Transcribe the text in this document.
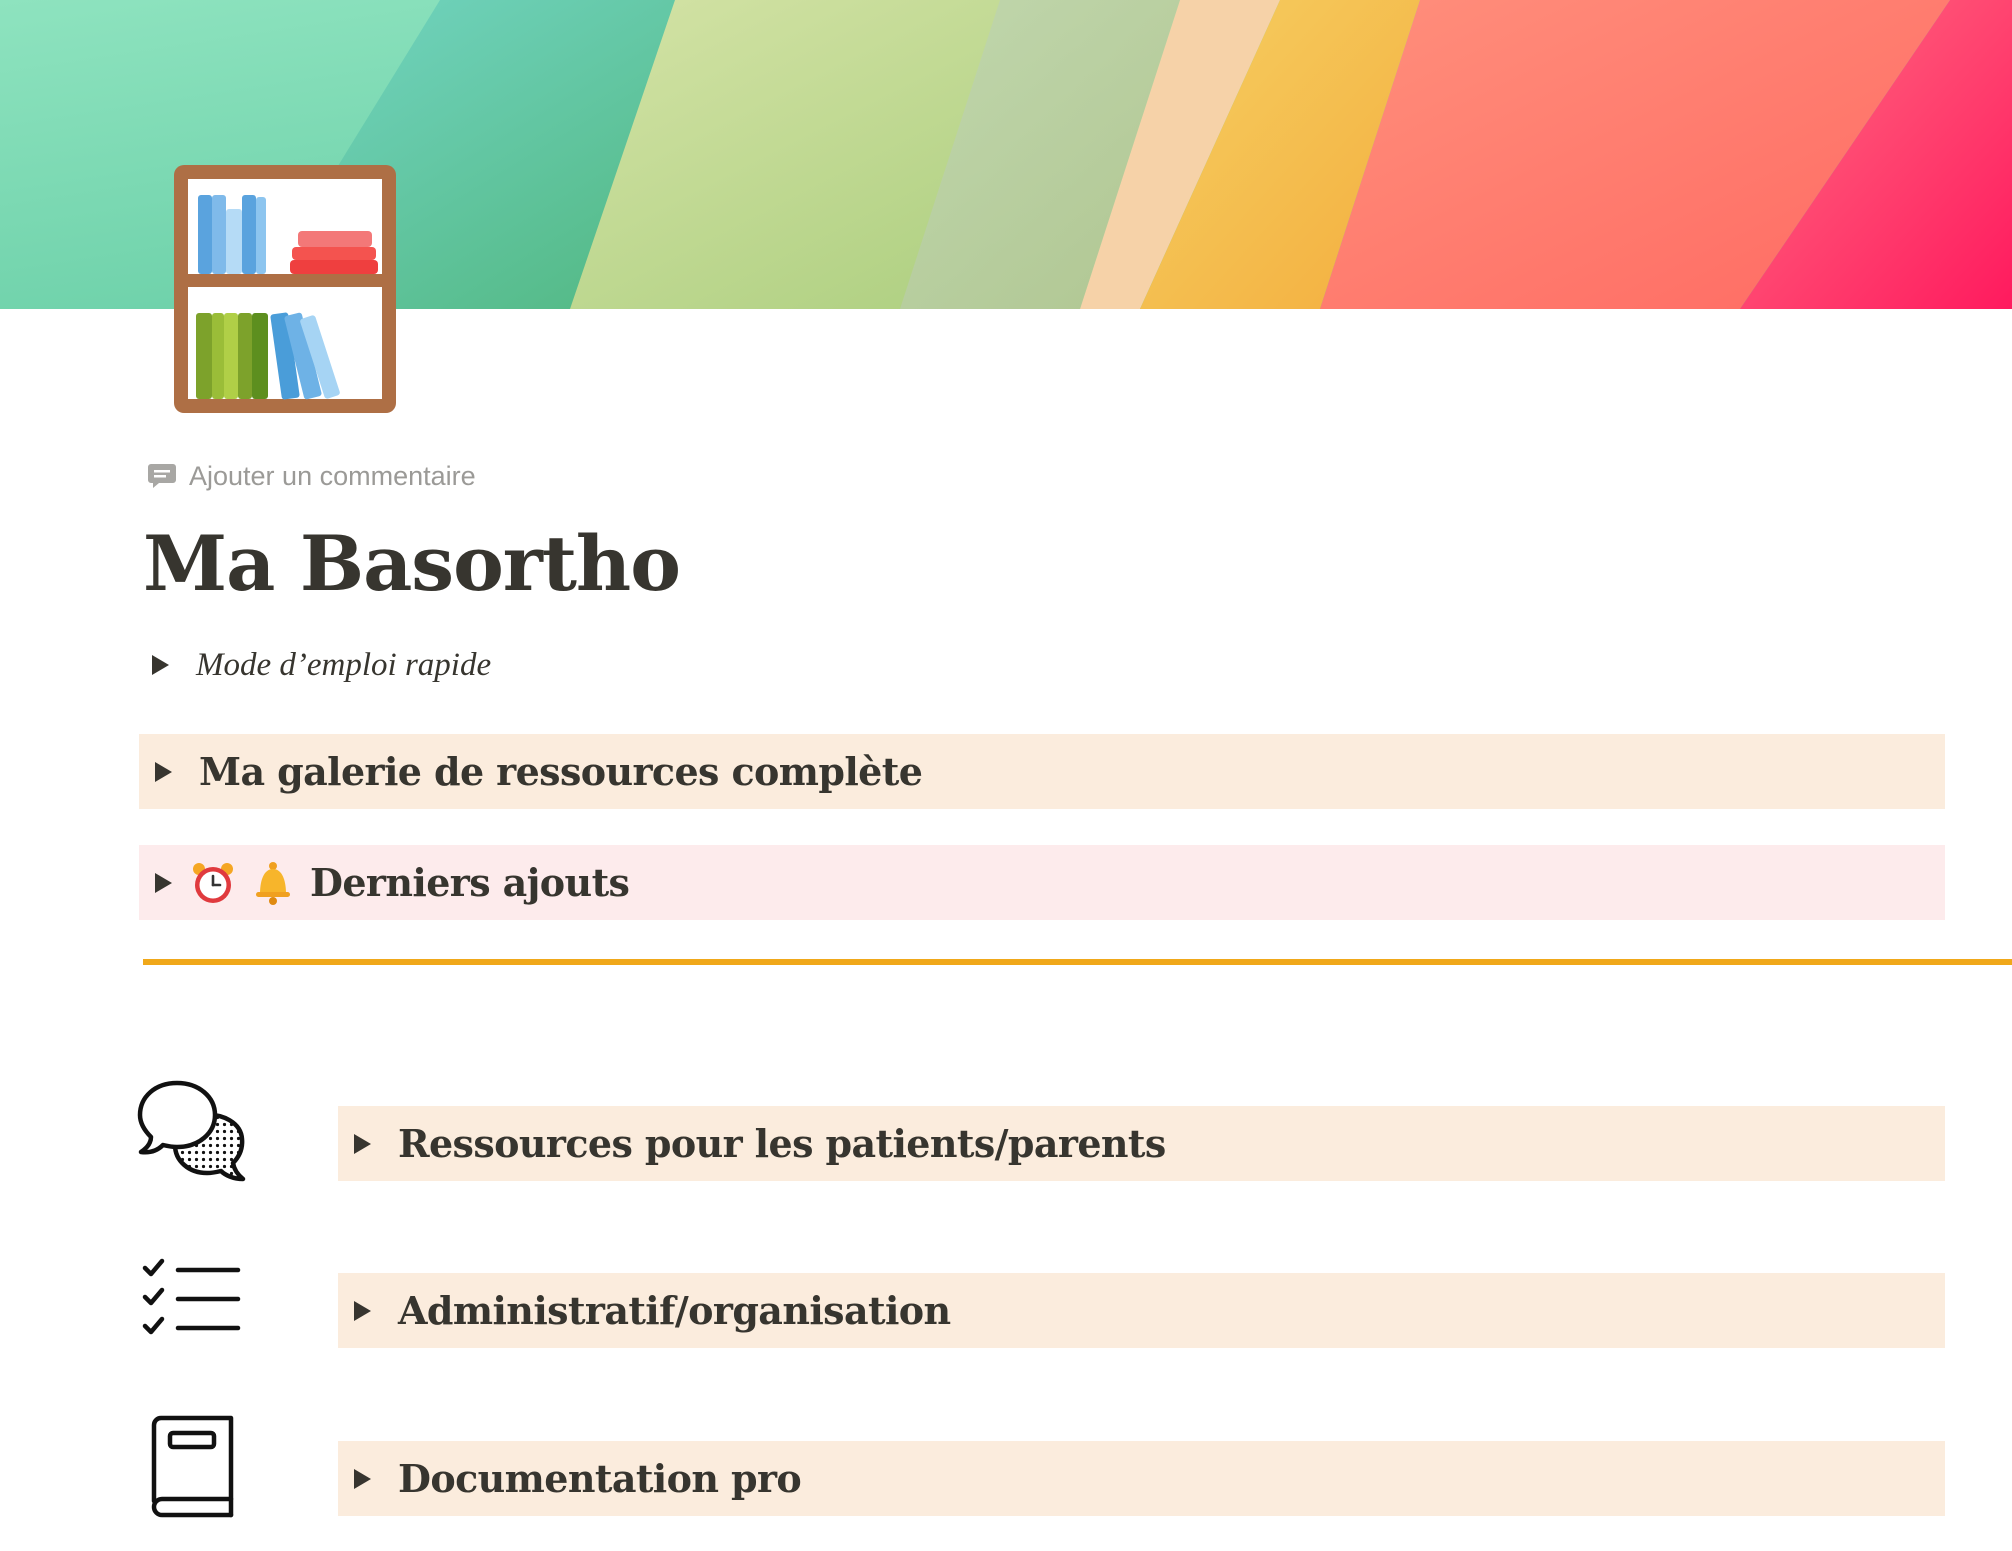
Ajouter un commentaire
Ma Basortho
Mode d’emploi rapide
Ma galerie de ressources complète
Derniers ajouts
Ressources pour les patients/parents
Administratif/organisation
Documentation pro
